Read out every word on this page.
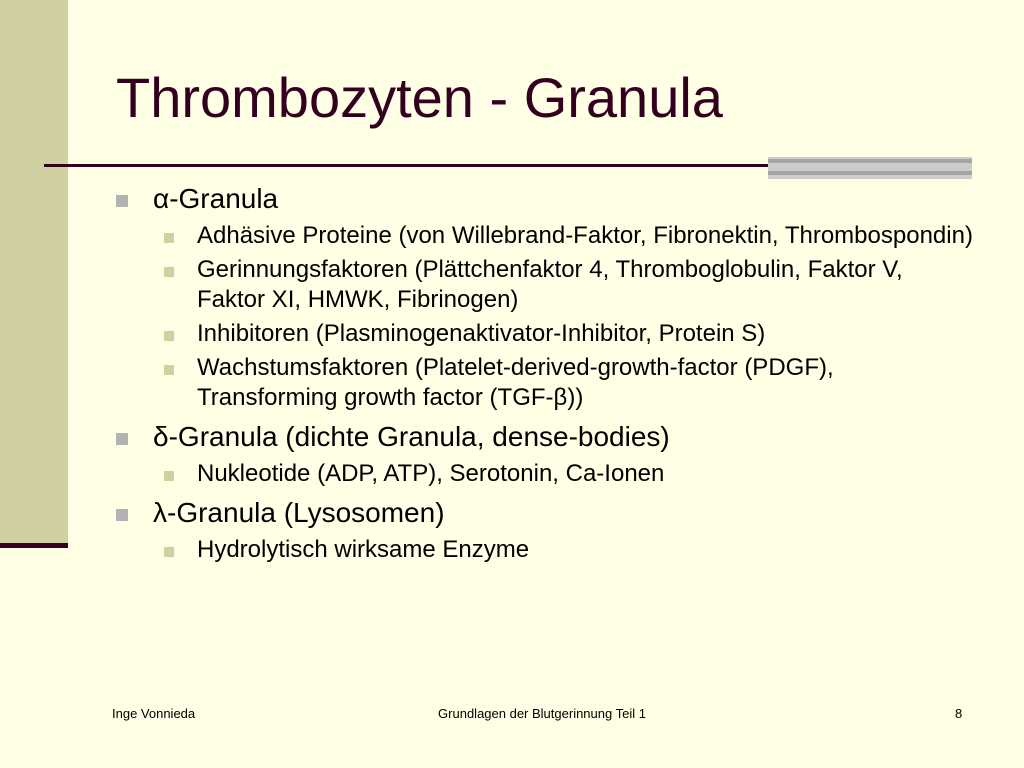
Thrombozyten - Granula
α-Granula
Adhäsive Proteine (von Willebrand-Faktor, Fibronektin, Thrombospondin)
Gerinnungsfaktoren (Plättchenfaktor 4, Thromboglobulin, Faktor V, Faktor XI, HMWK, Fibrinogen)
Inhibitoren (Plasminogenaktivator-Inhibitor, Protein S)
Wachstumsfaktoren (Platelet-derived-growth-factor (PDGF), Transforming growth factor (TGF-β))
δ-Granula (dichte Granula, dense-bodies)
Nukleotide (ADP, ATP), Serotonin, Ca-Ionen
λ-Granula (Lysosomen)
Hydrolytisch wirksame Enzyme
Inge Vonnieda	Grundlagen der Blutgerinnung Teil 1	8
